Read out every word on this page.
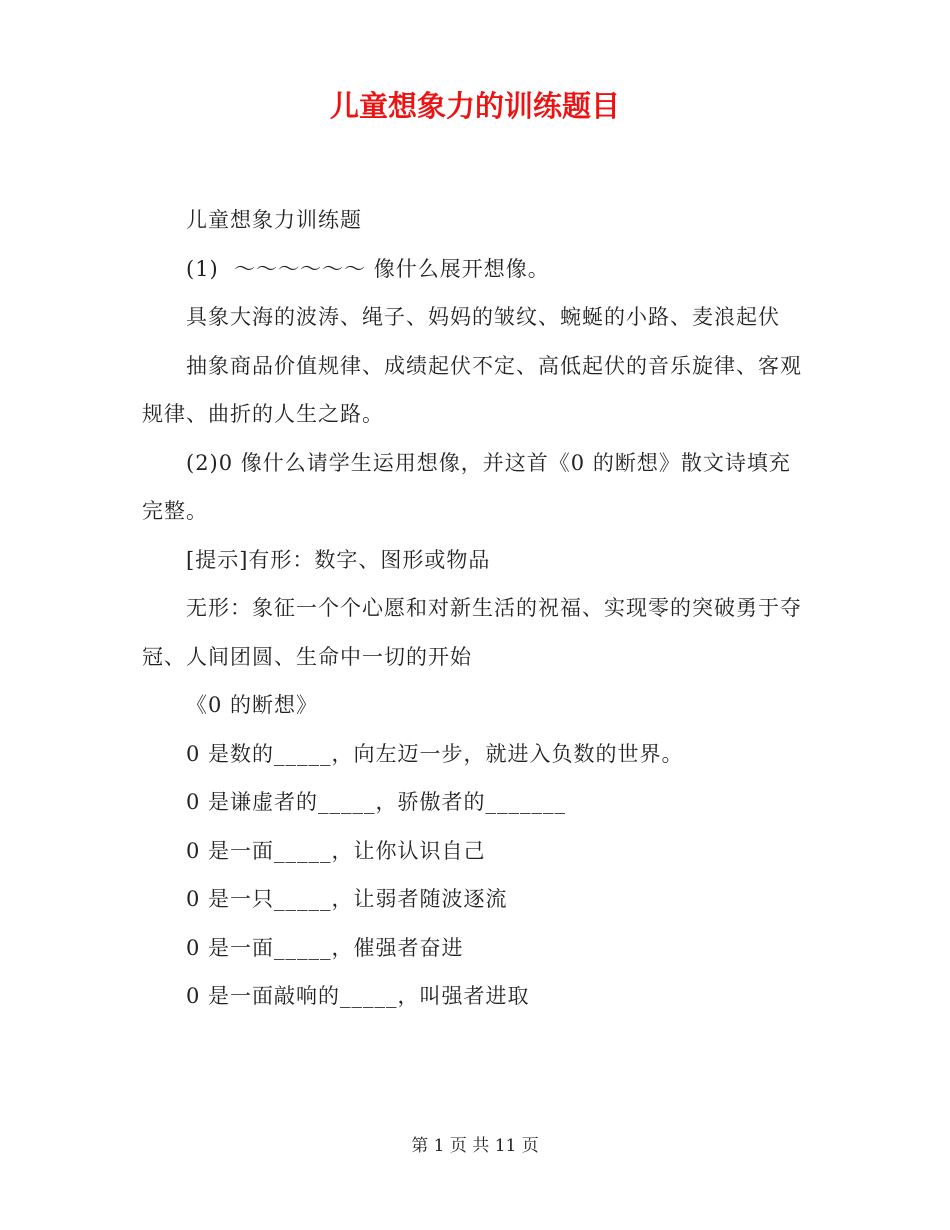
儿童想象力的训练题目

儿童想象力训练题

(1)  ～～～～～～ 像什么展开想像。

具象大海的波涛、绳子、妈妈的皱纹、蜿蜒的小路、麦浪起伏

抽象商品价值规律、成绩起伏不定、高低起伏的音乐旋律、客观规律、曲折的人生之路。

(2)0 像什么请学生运用想像，并这首《0 的断想》散文诗填充完整。

[提示]有形：数字、图形或物品

无形：象征一个个心愿和对新生活的祝福、实现零的突破勇于夺冠、人间团圆、生命中一切的开始

《0 的断想》

0 是数的_____，向左迈一步，就进入负数的世界。

0 是谦虚者的_____，骄傲者的_______

0 是一面_____，让你认识自己

0 是一只_____，让弱者随波逐流

0 是一面_____，催强者奋进

0 是一面敲响的_____，叫强者进取

第 1 页 共 11 页
